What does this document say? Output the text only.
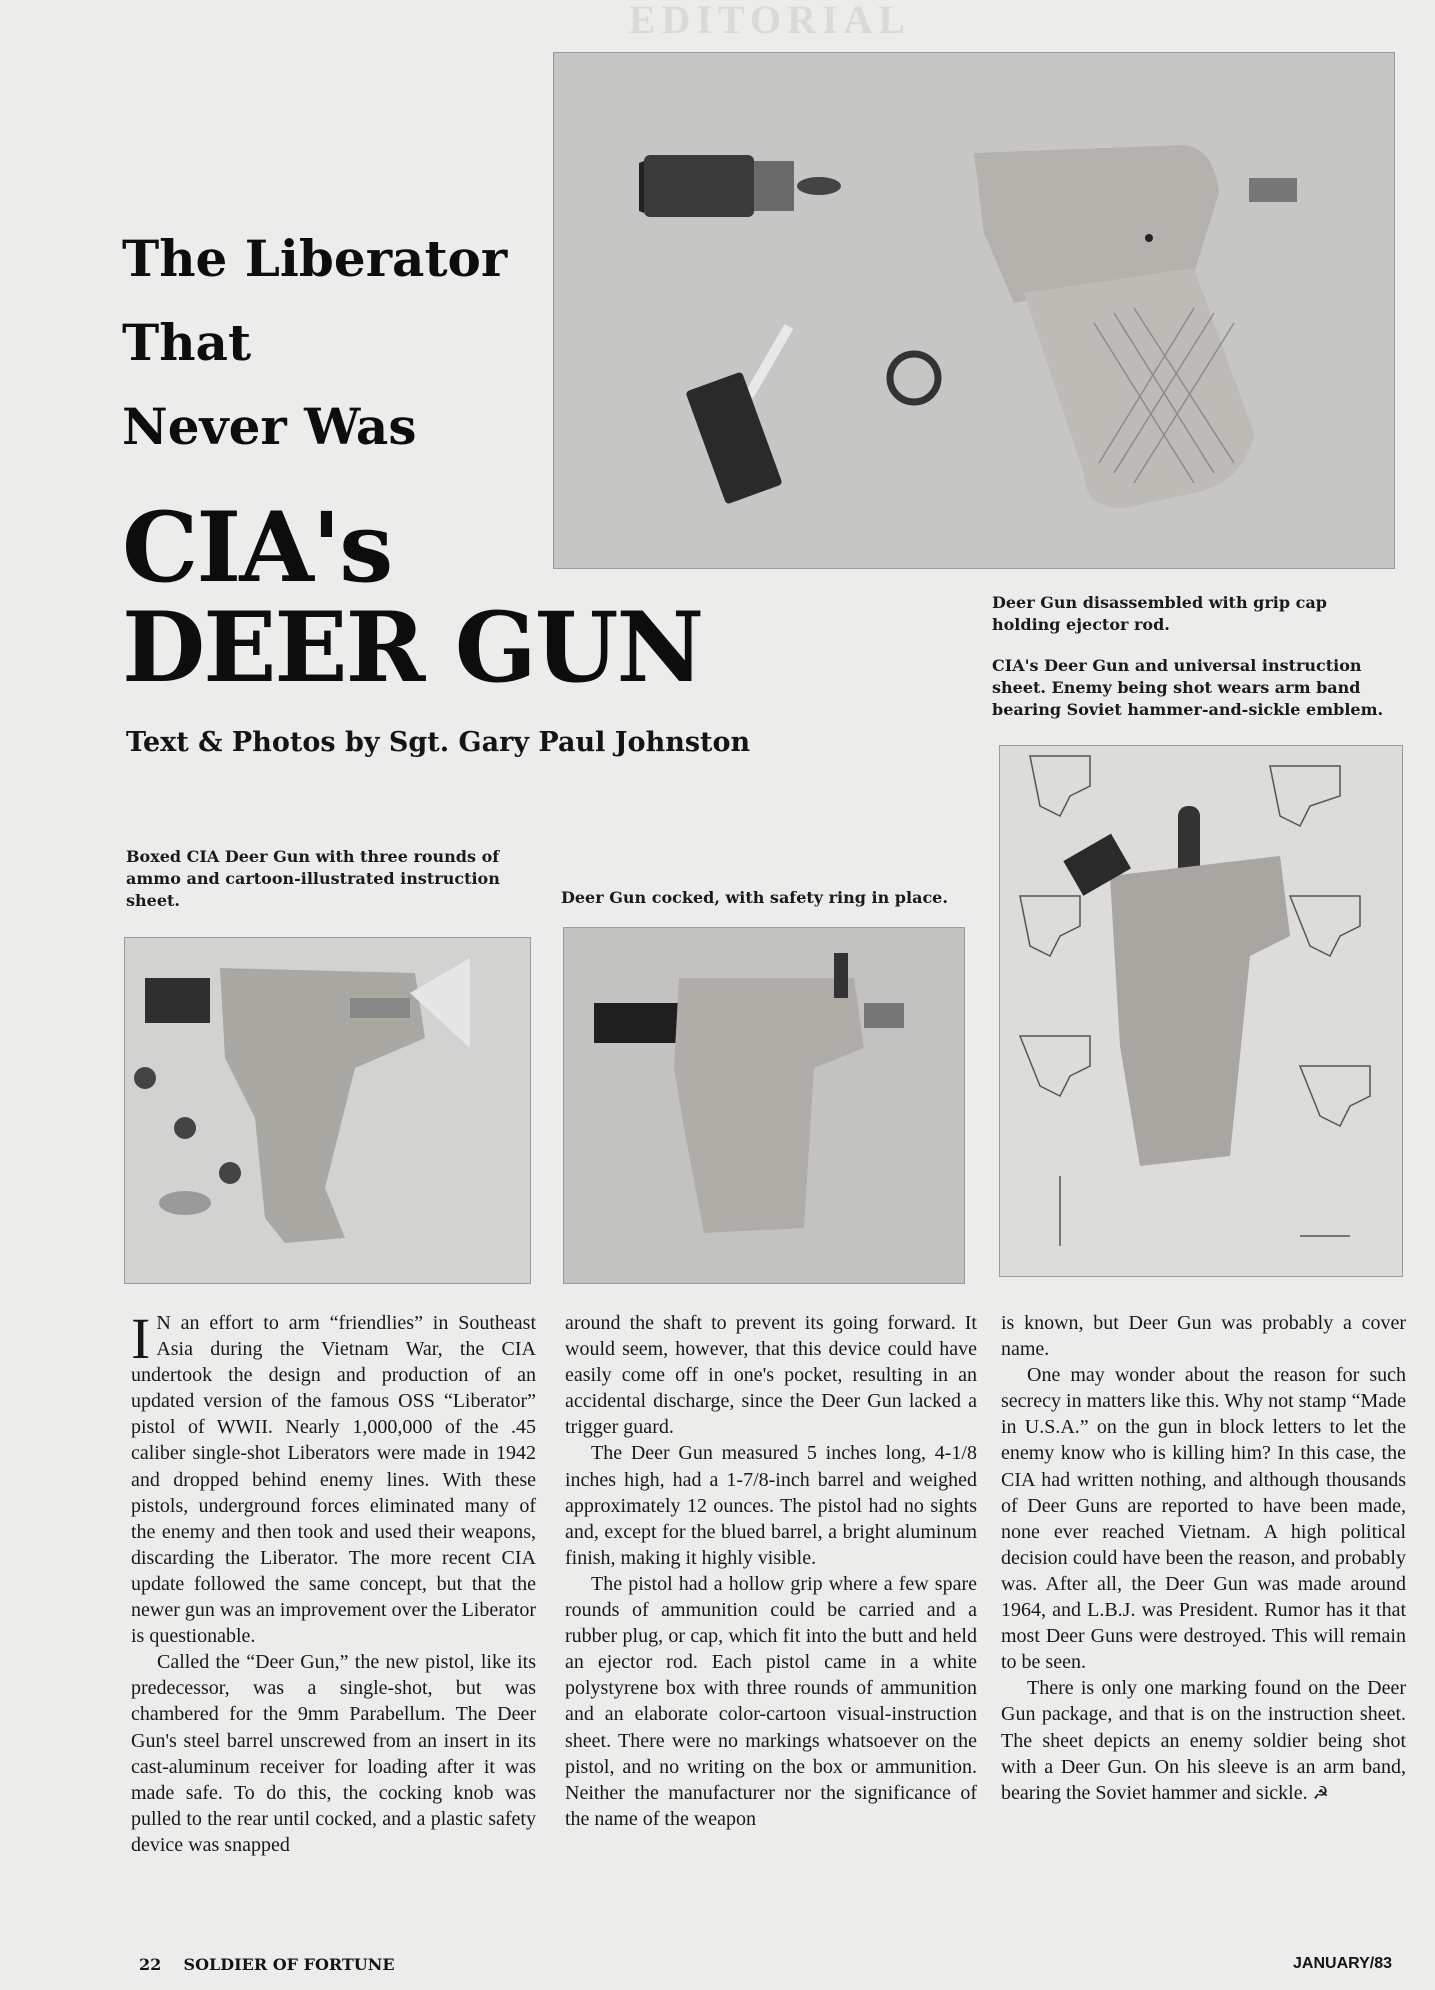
EDITORIAL
The Liberator
That
Never Was
CIA's
DEER GUN
Text & Photos by Sgt. Gary Paul Johnston
Deer Gun disassembled with grip cap holding ejector rod.
CIA's Deer Gun and universal instruction sheet. Enemy being shot wears arm band bearing Soviet hammer-and-sickle emblem.
Boxed CIA Deer Gun with three rounds of ammo and cartoon-illustrated instruction sheet.	Deer Gun cocked, with safety ring in place.

I N an effort to arm “friendlies” in Southeast Asia during the Vietnam War, the CIA undertook the design and production of an updated version of the famous OSS “Liberator” pistol of WWII. Nearly 1,000,000 of the .45 caliber single-shot Liberators were made in 1942 and dropped behind enemy lines. With these pistols, underground forces eliminated many of the enemy and then took and used their weapons, discarding the Liberator. The more recent CIA update followed the same concept, but that the newer gun was an improvement over the Liberator is questionable.

Called the “Deer Gun,” the new pistol, like its predecessor, was a single-shot, but was chambered for the 9mm Parabellum. The Deer Gun's steel barrel unscrewed from an insert in its cast-aluminum receiver for loading after it was made safe. To do this, the cocking knob was pulled to the rear until cocked, and a plastic safety device was snapped

around the shaft to prevent its going forward. It would seem, however, that this device could have easily come off in one's pocket, resulting in an accidental discharge, since the Deer Gun lacked a trigger guard.

The Deer Gun measured 5 inches long, 4-1/8 inches high, had a 1-7/8-inch barrel and weighed approximately 12 ounces. The pistol had no sights and, except for the blued barrel, a bright aluminum finish, making it highly visible.

The pistol had a hollow grip where a few spare rounds of ammunition could be carried and a rubber plug, or cap, which fit into the butt and held an ejector rod. Each pistol came in a white polystyrene box with three rounds of ammunition and an elaborate color-cartoon visual-instruction sheet. There were no markings whatsoever on the pistol, and no writing on the box or ammunition. Neither the manufacturer nor the significance of the name of the weapon

is known, but Deer Gun was probably a cover name.

One may wonder about the reason for such secrecy in matters like this. Why not stamp “Made in U.S.A.” on the gun in block letters to let the enemy know who is killing him? In this case, the CIA had written nothing, and although thousands of Deer Guns are reported to have been made, none ever reached Vietnam. A high political decision could have been the reason, and probably was. After all, the Deer Gun was made around 1964, and L.B.J. was President. Rumor has it that most Deer Guns were destroyed. This will remain to be seen.

There is only one marking found on the Deer Gun package, and that is on the instruction sheet. The sheet depicts an enemy soldier being shot with a Deer Gun. On his sleeve is an arm band, bearing the Soviet hammer and sickle. ☭

22 SOLDIER OF FORTUNE	JANUARY/83
